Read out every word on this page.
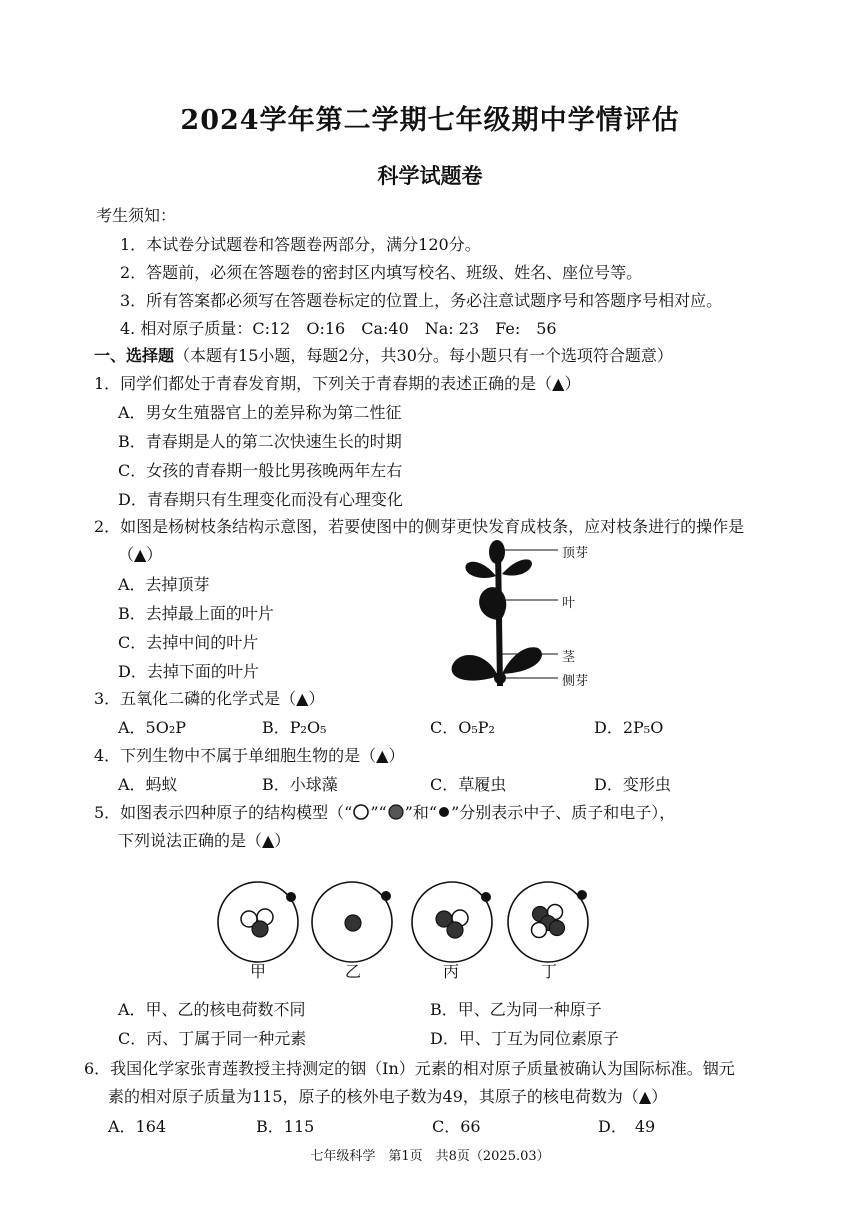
2024学年第二学期七年级期中学情评估
科学试题卷
考生须知：
1．本试卷分试题卷和答题卷两部分，满分120分。
2．答题前，必须在答题卷的密封区内填写校名、班级、姓名、座位号等。
3．所有答案都必须写在答题卷标定的位置上，务必注意试题序号和答题序号相对应。
4. 相对原子质量：C:12　O:16　Ca:40　Na: 23　Fe:　56
一、选择题（本题有15小题，每题2分，共30分。每小题只有一个选项符合题意）
1．同学们都处于青春发育期，下列关于青春期的表述正确的是（▲）
A．男女生殖器官上的差异称为第二性征
B．青春期是人的第二次快速生长的时期
C．女孩的青春期一般比男孩晚两年左右
D．青春期只有生理变化而没有心理变化
2．如图是杨树枝条结构示意图，若要使图中的侧芽更快发育成枝条，应对枝条进行的操作是
（▲）
A．去掉顶芽
B．去掉最上面的叶片
C．去掉中间的叶片
D．去掉下面的叶片
顶芽
叶
茎
侧芽
3．五氧化二磷的化学式是（▲）
A．5O₂P	B．P₂O₅	C．O₅P₂	D．2P₅O
4．下列生物中不属于单细胞生物的是（▲）
A．蚂蚁	B．小球藻	C．草履虫	D．变形虫
5．如图表示四种原子的结构模型（“ ”“ ”和“ ”分别表示中子、质子和电子），
下列说法正确的是（▲）
甲	乙	丙	丁
A．甲、乙的核电荷数不同	B．甲、乙为同一种原子
C．丙、丁属于同一种元素	D．甲、丁互为同位素原子
6．我国化学家张青莲教授主持测定的铟（In）元素的相对原子质量被确认为国际标准。铟元
素的相对原子质量为115，原子的核外电子数为49，其原子的核电荷数为（▲）
A．164	B．115	C．66	D．　49
七年级科学　第1页　共8页（2025.03）
